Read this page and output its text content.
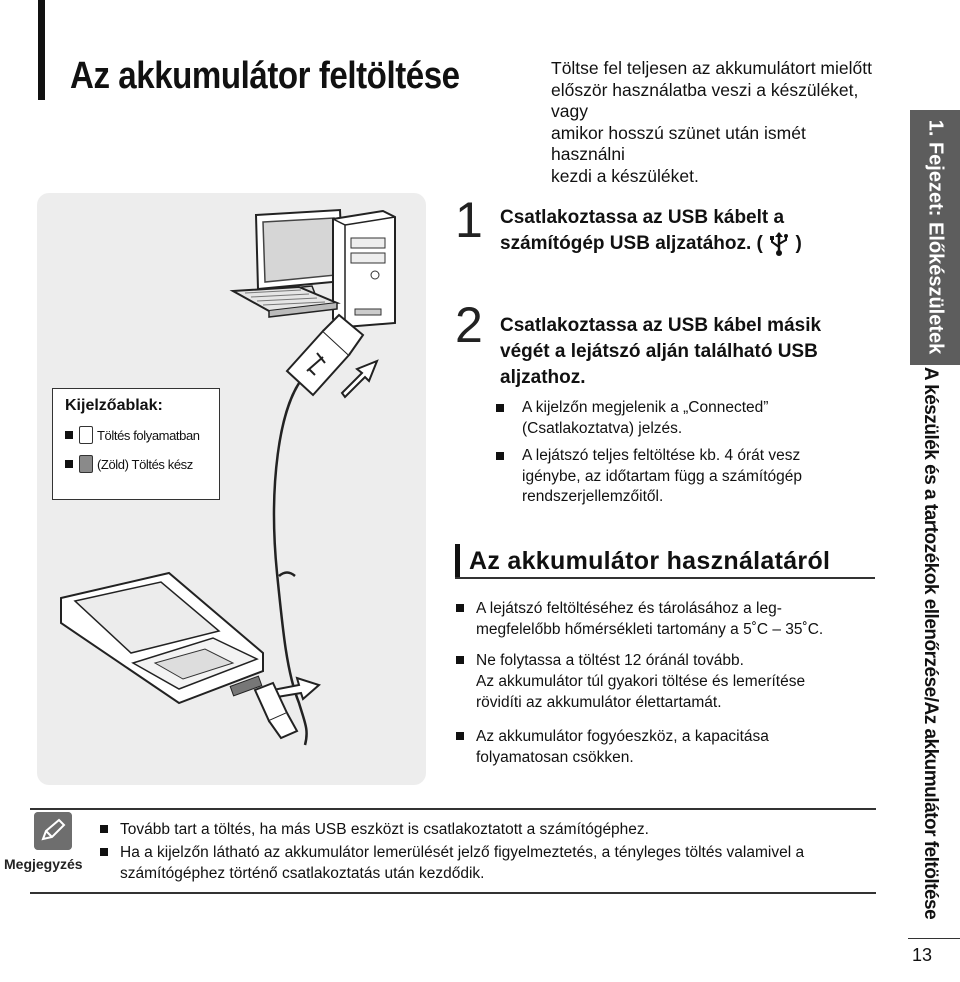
Az akkumulátor feltöltése	Töltse fel teljesen az akkumulátort mielőtt
először használatba veszi a készüléket, vagy
amikor hosszú szünet után ismét használni
kezdi a készüléket.
Kijelzőablak:
Töltés folyamatban
(Zöld) Töltés kész
1 Csatlakoztassa az USB kábelt a
számítógép USB aljzatához. ( )
2 Csatlakoztassa az USB kábel másik
végét a lejátszó alján található USB
aljzathoz.
A kijelzőn megjelenik a „Connected”
(Csatlakoztatva) jelzés.
A lejátszó teljes feltöltése kb. 4 órát vesz
igénybe, az időtartam függ a számítógép
rendszerjellemzőitől.
Az akkumulátor használatáról
A lejátszó feltöltéséhez és tárolásához a leg-
megfelelőbb hőmérsékleti tartomány a 5˚C – 35˚C.
Ne folytassa a töltést 12 óránál tovább.
Az akkumulátor túl gyakori töltése és lemerítése
rövidíti az akkumulátor élettartamát.
Az akkumulátor fogyóeszköz, a kapacitása
folyamatosan csökken.
Megjegyzés
Tovább tart a töltés, ha más USB eszközt is csatlakoztatott a számítógéphez.
Ha a kijelzőn látható az akkumulátor lemerülését jelző figyelmeztetés, a tényleges töltés valamivel a
számítógéphez történő csatlakoztatás után kezdődik.
1. Fejezet: Előkészületek
A készülék és a tartozékok ellenőrzése/Az akkumulátor feltöltése
13
